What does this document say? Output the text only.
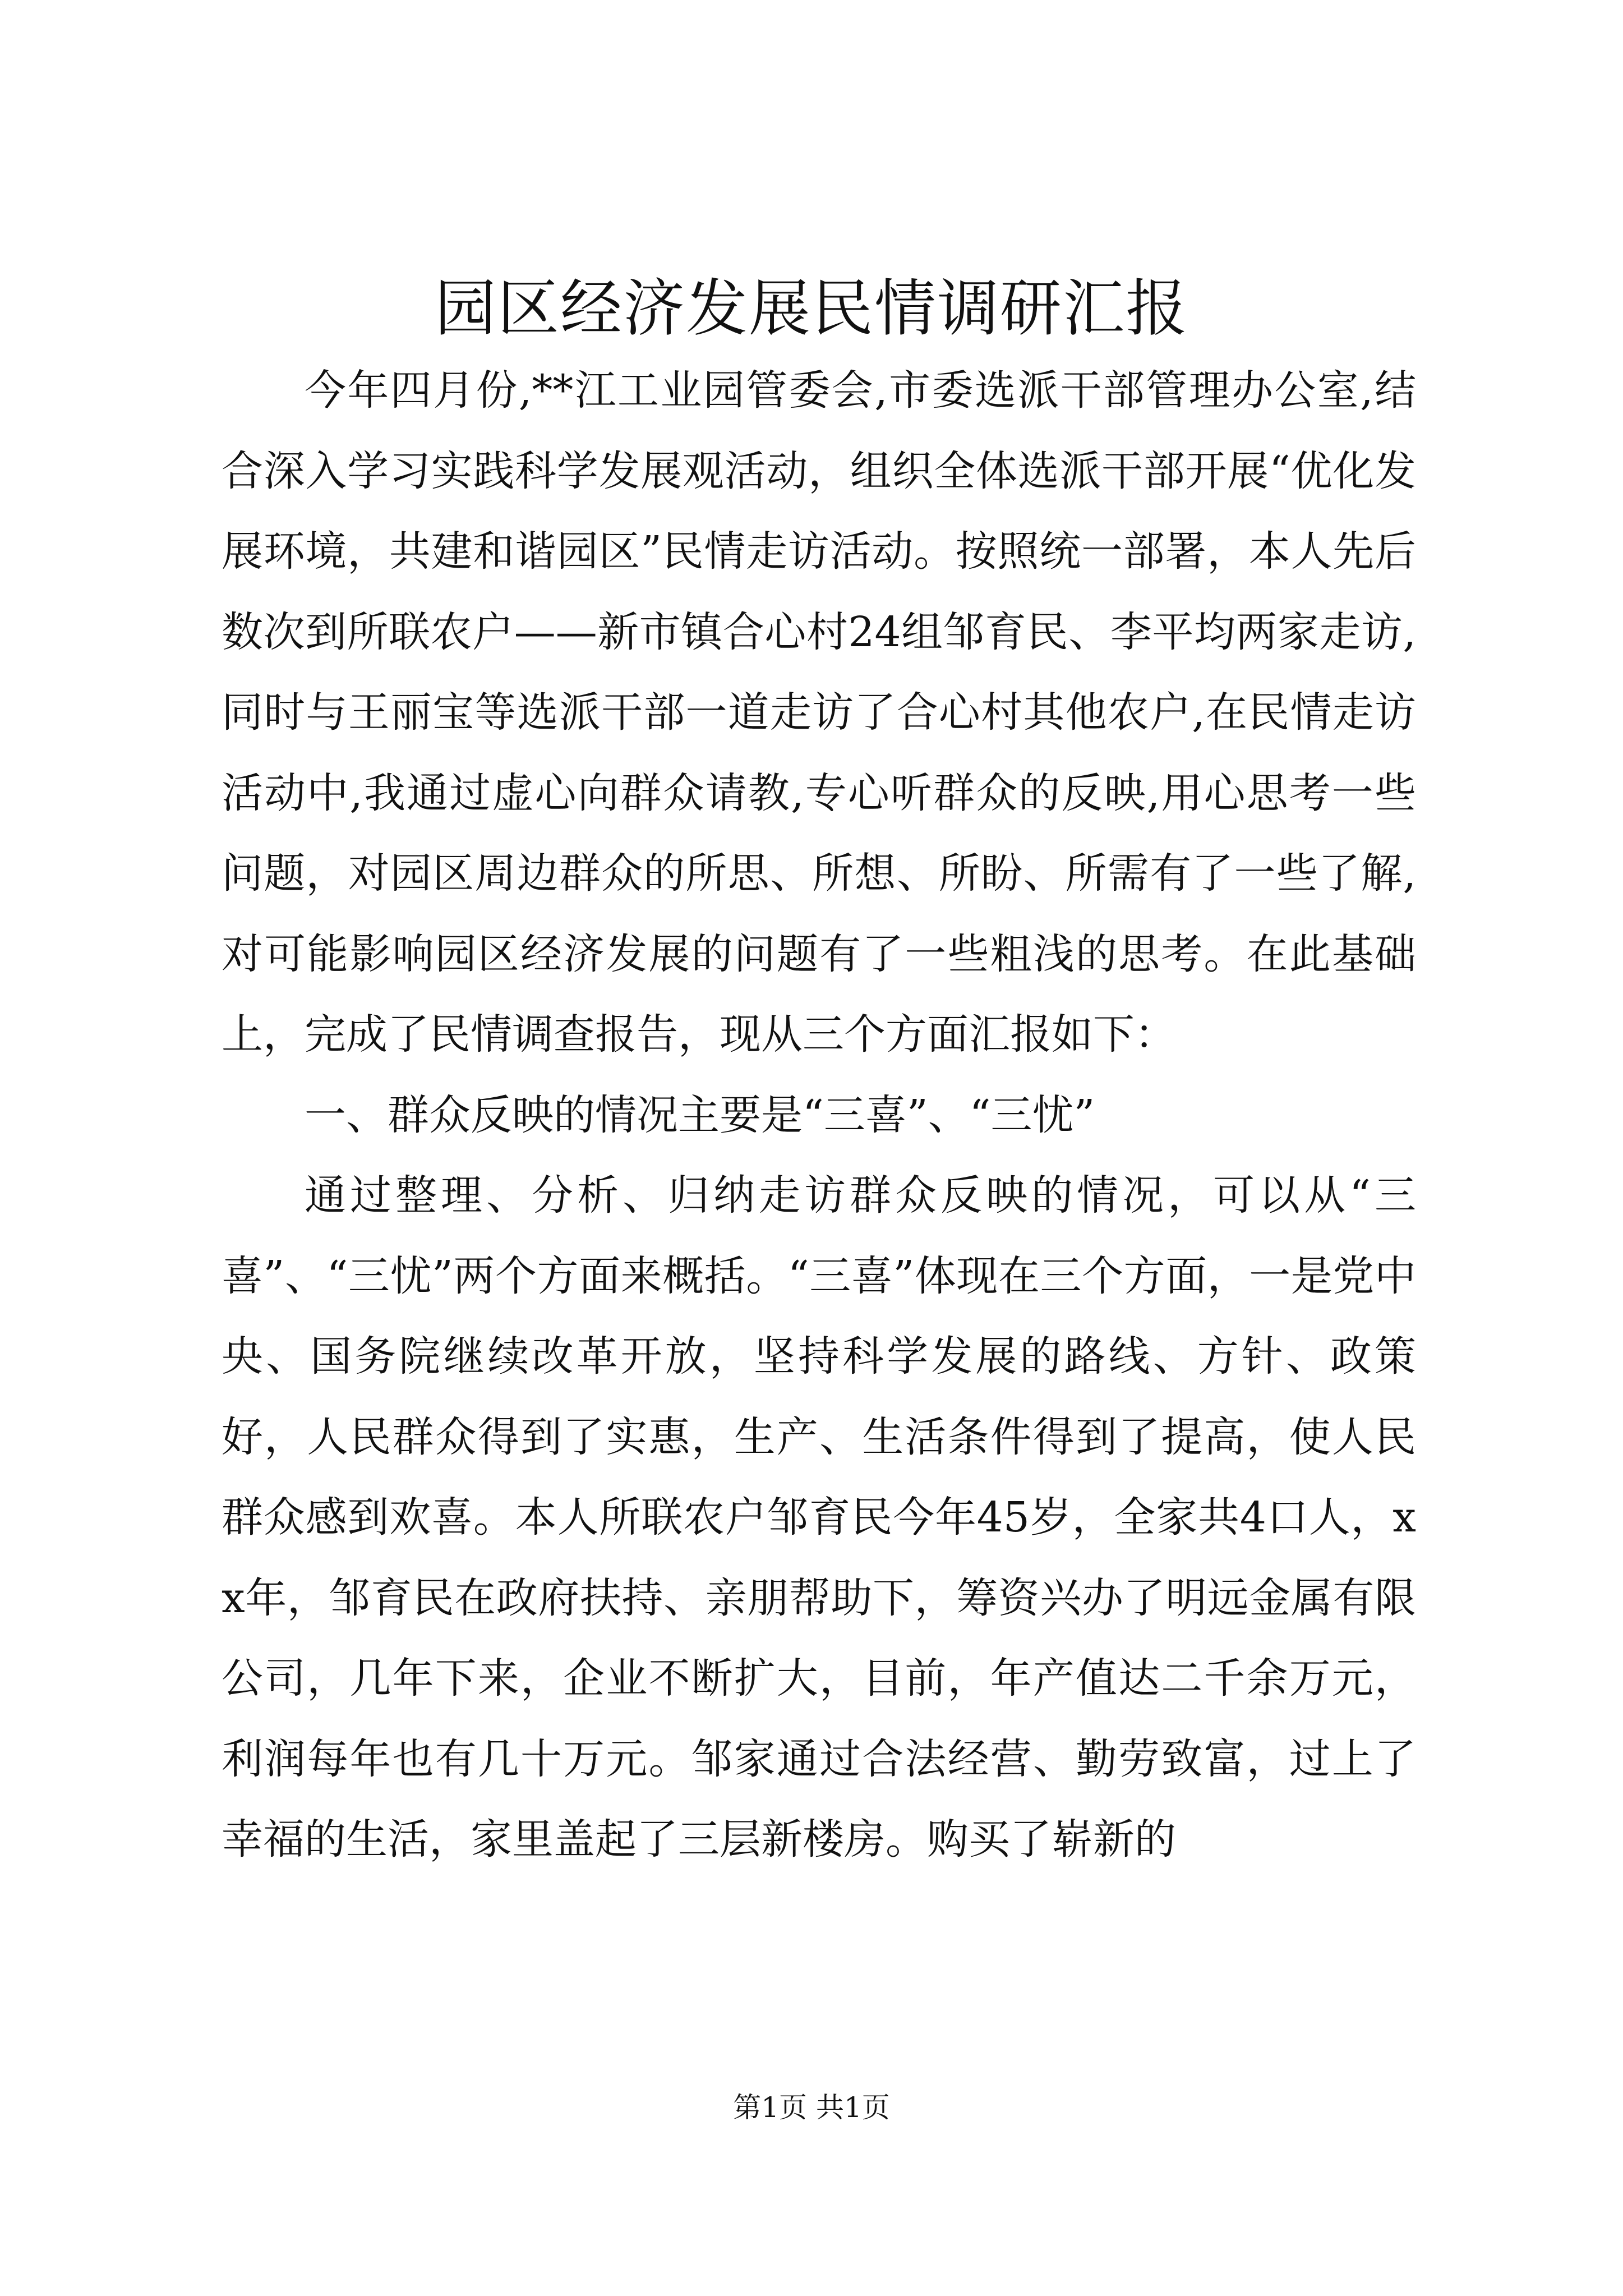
园区经济发展民情调研汇报

今年四月份,**江工业园管委会,市委选派干部管理办公室,结合深入学习实践科学发展观活动，组织全体选派干部开展“优化发展环境，共建和谐园区”民情走访活动。按照统一部署，本人先后数次到所联农户——新市镇合心村24组邹育民、李平均两家走访,同时与王丽宝等选派干部一道走访了合心村其他农户,在民情走访活动中,我通过虚心向群众请教,专心听群众的反映,用心思考一些问题，对园区周边群众的所思、所想、所盼、所需有了一些了解,对可能影响园区经济发展的问题有了一些粗浅的思考。在此基础上，完成了民情调查报告，现从三个方面汇报如下：

一、群众反映的情况主要是“三喜”、“三忧”

通过整理、分析、归纳走访群众反映的情况，可以从“三喜”、“三忧”两个方面来概括。“三喜”体现在三个方面，一是党中央、国务院继续改革开放，坚持科学发展的路线、方针、政策好，人民群众得到了实惠，生产、生活条件得到了提高，使人民群众感到欢喜。本人所联农户邹育民今年45岁，全家共4口人，xx年，邹育民在政府扶持、亲朋帮助下，筹资兴办了明远金属有限公司，几年下来，企业不断扩大，目前，年产值达二千余万元，利润每年也有几十万元。邹家通过合法经营、勤劳致富，过上了幸福的生活，家里盖起了三层新楼房。购买了崭新的

第1页 共1页
